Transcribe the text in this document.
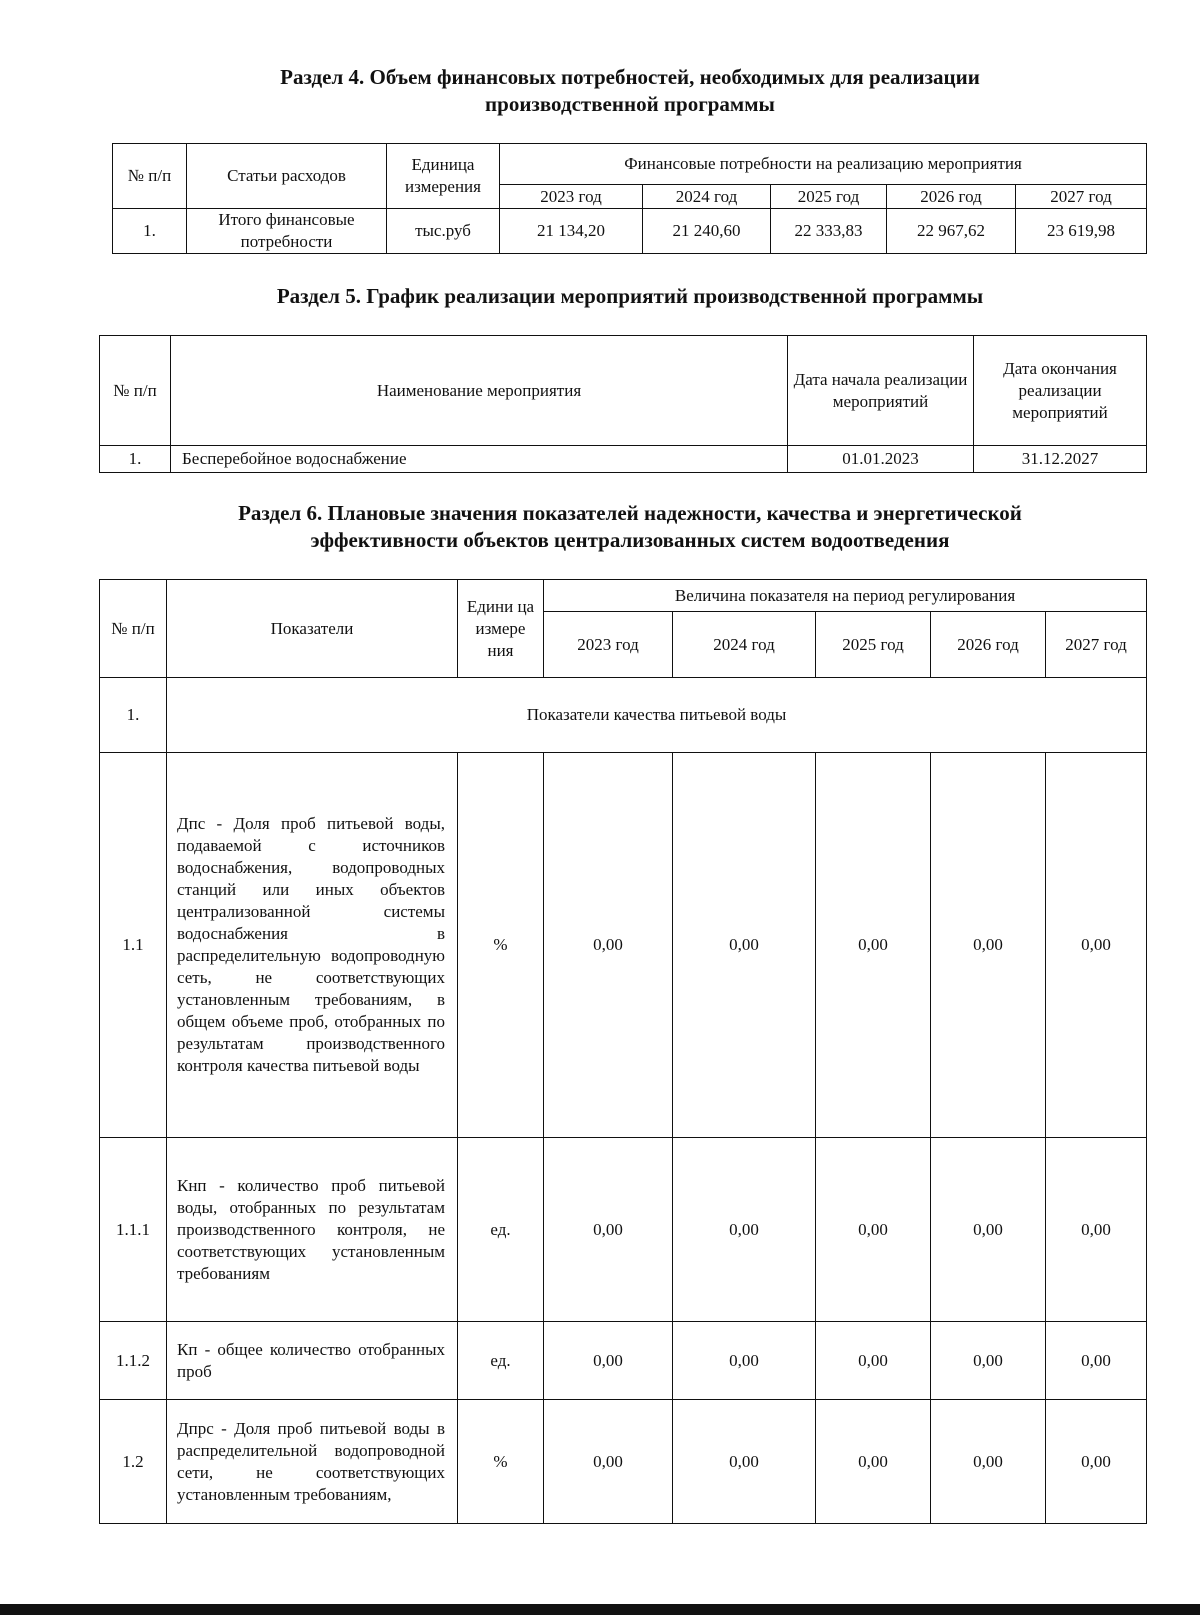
Раздел 4. Объем финансовых потребностей, необходимых для реализации
производственной программы
№ п/п	Статьи расходов	Единица измерения	Финансовые потребности на реализацию мероприятия				
			2023 год	2024 год	2025 год	2026 год	2027 год
1.	Итого финансовые потребности	тыс.руб	21 134,20	21 240,60	22 333,83	22 967,62	23 619,98
Раздел 5. График реализации мероприятий производственной программы
№ п/п	Наименование мероприятия	Дата начала реализации мероприятий	Дата окончания реализации мероприятий
1.	Бесперебойное водоснабжение	01.01.2023	31.12.2027
Раздел 6. Плановые значения показателей надежности, качества и энергетической
эффективности объектов централизованных систем водоотведения
№ п/п	Показатели	Едини ца измере ния	Величина показателя на период регулирования				
			2023 год	2024 год	2025 год	2026 год	2027 год
1.	Показатели качества питьевой воды						
1.1	Дпс - Доля проб питьевой воды, подаваемой с источников водоснабжения, водопроводных станций или иных объектов централизованной системы водоснабжения в распределительную водопроводную сеть, не соответствующих установленным требованиям, в общем объеме проб, отобранных по результатам производственного контроля качества питьевой воды	%	0,00	0,00	0,00	0,00	0,00
1.1.1	Кнп - количество проб питьевой воды, отобранных по результатам производственного контроля, не соответствующих установленным требованиям	ед.	0,00	0,00	0,00	0,00	0,00
1.1.2	Кп - общее количество отобранных проб	ед.	0,00	0,00	0,00	0,00	0,00
1.2	Дпрс - Доля проб питьевой воды в распределительной водопроводной сети, не соответствующих установленным требованиям,	%	0,00	0,00	0,00	0,00	0,00
